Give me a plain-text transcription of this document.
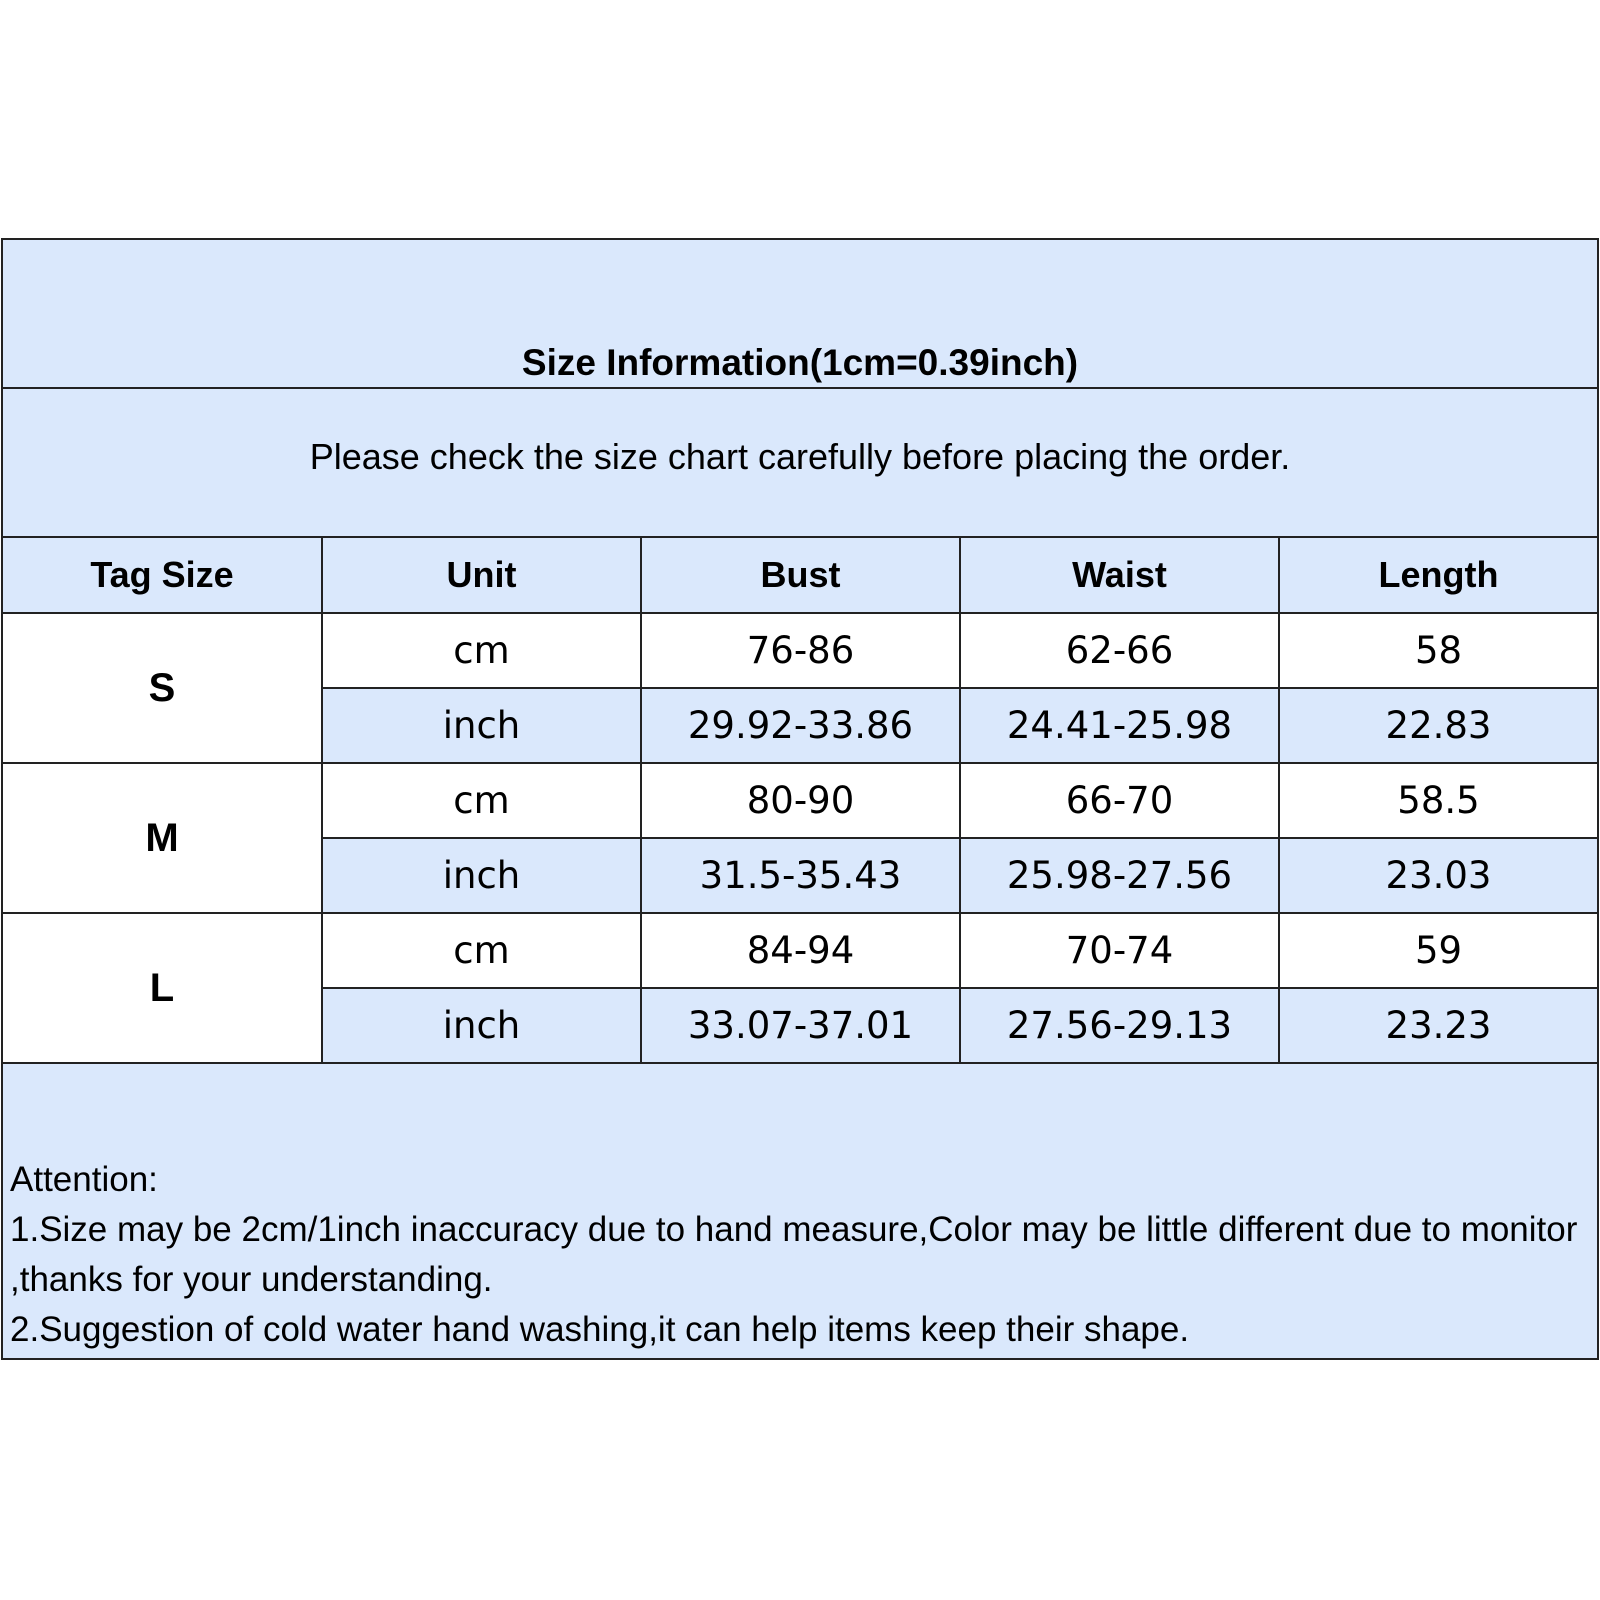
Size Information(1cm=0.39inch)
Please check the size chart carefully before placing the order.
Tag Size	Unit	Bust	Waist	Length
S	cm	76-86	62-66	58
	inch	29.92-33.86	24.41-25.98	22.83
M	cm	80-90	66-70	58.5
	inch	31.5-35.43	25.98-27.56	23.03
L	cm	84-94	70-74	59
	inch	33.07-37.01	27.56-29.13	23.23
Attention:
1.Size may be 2cm/1inch inaccuracy due to hand measure,Color may be little different due to monitor ,thanks for your understanding.
2.Suggestion of cold water hand washing,it can help items keep their shape.
